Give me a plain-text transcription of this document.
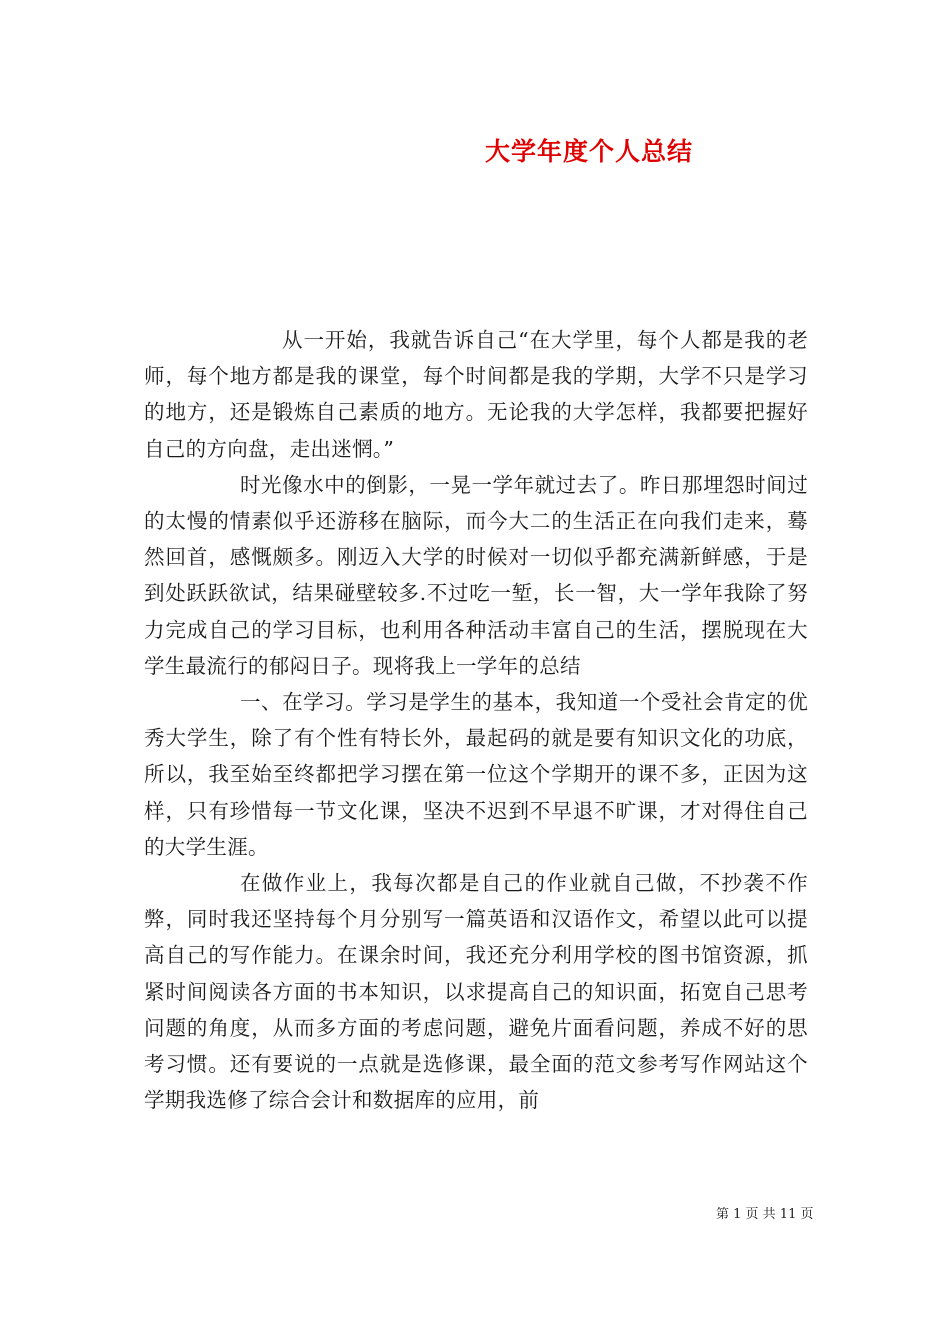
大学年度个人总结

从一开始，我就告诉自己“在大学里，每个人都是我的老师，每个地方都是我的课堂，每个时间都是我的学期，大学不只是学习的地方，还是锻炼自己素质的地方。无论我的大学怎样，我都要把握好自己的方向盘，走出迷惘。”

时光像水中的倒影，一晃一学年就过去了。昨日那埋怨时间过的太慢的情素似乎还游移在脑际，而今大二的生活正在向我们走来，蓦然回首，感慨颇多。刚迈入大学的时候对一切似乎都充满新鲜感，于是到处跃跃欲试，结果碰壁较多.不过吃一堑，长一智，大一学年我除了努力完成自己的学习目标，也利用各种活动丰富自己的生活，摆脱现在大学生最流行的郁闷日子。现将我上一学年的总结

一、在学习。学习是学生的基本，我知道一个受社会肯定的优秀大学生，除了有个性有特长外，最起码的就是要有知识文化的功底，所以，我至始至终都把学习摆在第一位这个学期开的课不多，正因为这样，只有珍惜每一节文化课，坚决不迟到不早退不旷课，才对得住自己的大学生涯。

在做作业上，我每次都是自己的作业就自己做，不抄袭不作弊，同时我还坚持每个月分别写一篇英语和汉语作文，希望以此可以提高自己的写作能力。在课余时间，我还充分利用学校的图书馆资源，抓紧时间阅读各方面的书本知识，以求提高自己的知识面，拓宽自己思考问题的角度，从而多方面的考虑问题，避免片面看问题，养成不好的思考习惯。还有要说的一点就是选修课，最全面的范文参考写作网站这个学期我选修了综合会计和数据库的应用，前

第 1 页 共 11 页
